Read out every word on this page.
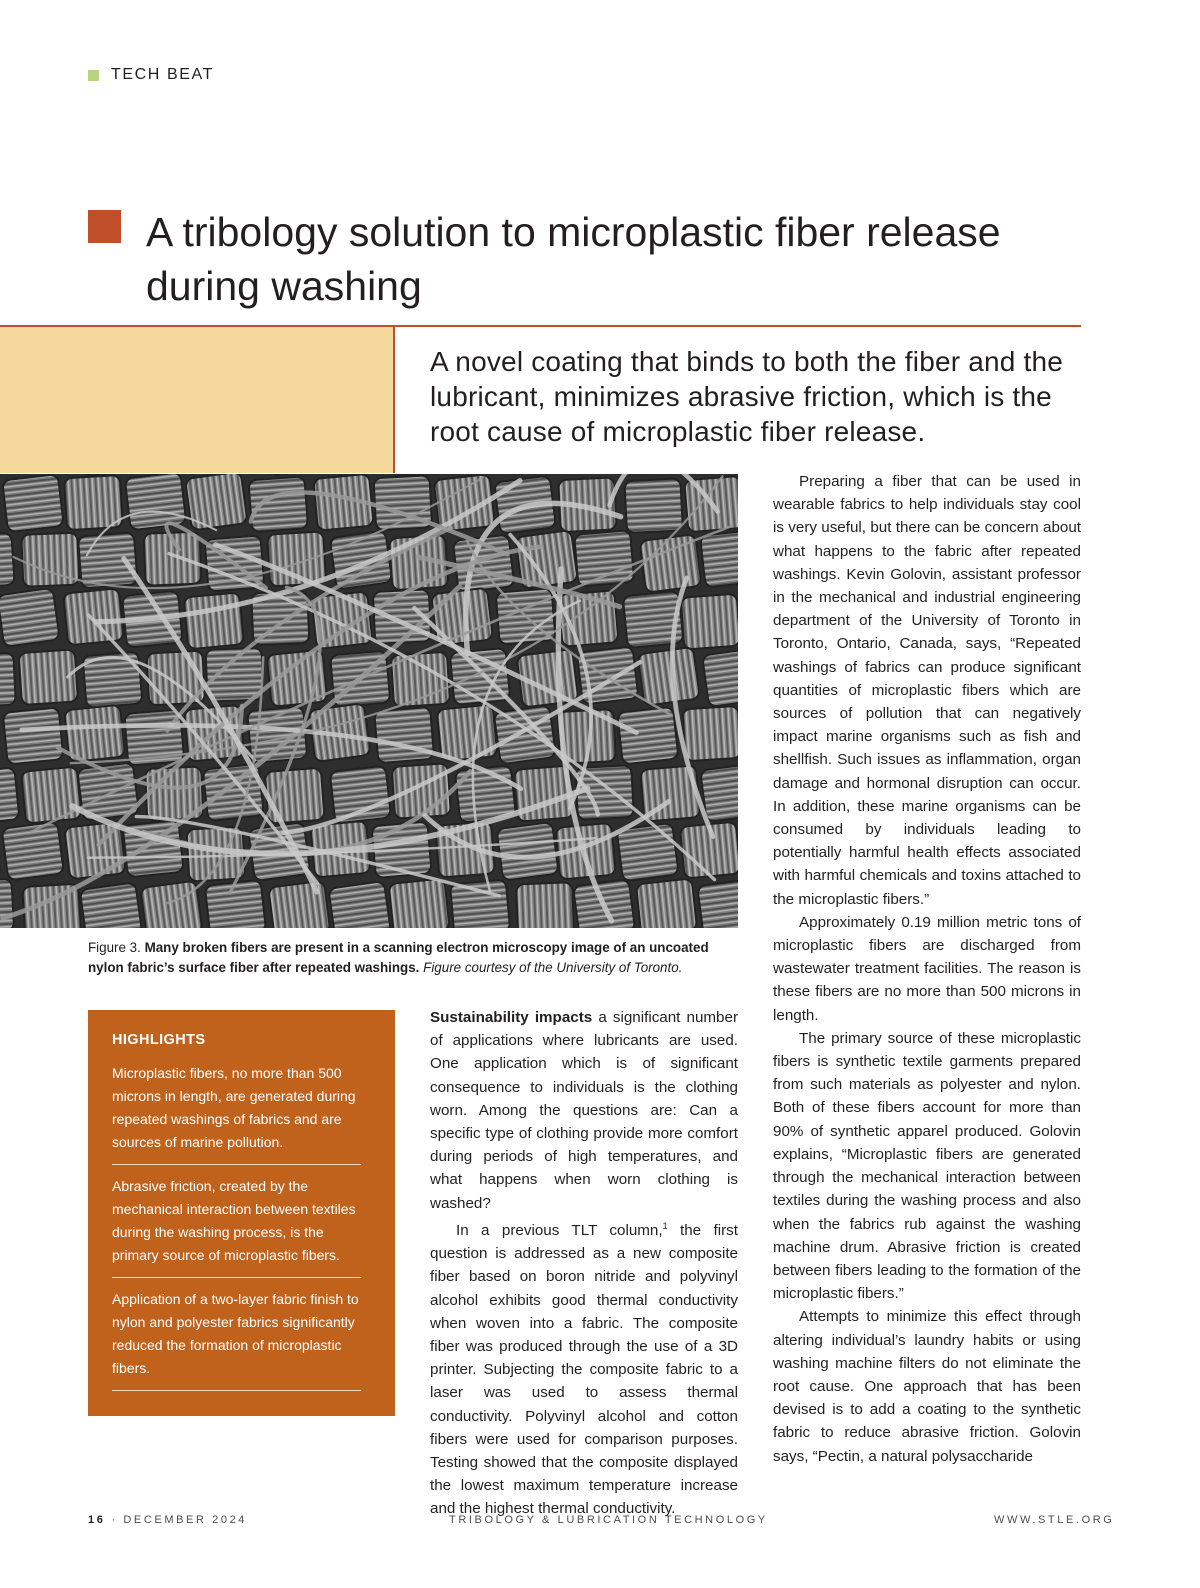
TECH BEAT
A tribology solution to microplastic fiber release during washing
A novel coating that binds to both the fiber and the lubricant, minimizes abrasive friction, which is the root cause of microplastic fiber release.
Figure 3. Many broken fibers are present in a scanning electron microscopy image of an uncoated nylon fabric’s surface fiber after repeated washings. Figure courtesy of the University of Toronto.
HIGHLIGHTS
Microplastic fibers, no more than 500 microns in length, are generated during repeated washings of fabrics and are sources of marine pollution.
Abrasive friction, created by the mechanical interaction between textiles during the washing process, is the primary source of microplastic fibers.
Application of a two-layer fabric finish to nylon and polyester fabrics significantly reduced the formation of microplastic fibers.

Sustainability impacts a significant number of applications where lubricants are used. One application which is of significant consequence to individuals is the clothing worn. Among the questions are: Can a specific type of clothing provide more comfort during periods of high temperatures, and what happens when worn clothing is washed?

In a previous TLT column,$^1$ the first question is addressed as a new composite fiber based on boron nitride and polyvinyl alcohol exhibits good thermal conductivity when woven into a fabric. The composite fiber was produced through the use of a 3D printer. Subjecting the composite fabric to a laser was used to assess thermal conductivity. Polyvinyl alcohol and cotton fibers were used for comparison purposes. Testing showed that the composite displayed the lowest maximum temperature increase and the highest thermal conductivity.

Preparing a fiber that can be used in wearable fabrics to help individuals stay cool is very useful, but there can be concern about what happens to the fabric after repeated washings. Kevin Golovin, assistant professor in the mechanical and industrial engineering department of the University of Toronto in Toronto, Ontario, Canada, says, “Repeated washings of fabrics can produce significant quantities of microplastic fibers which are sources of pollution that can negatively impact marine organisms such as fish and shellfish. Such issues as inflammation, organ damage and hormonal disruption can occur. In addition, these marine organisms can be consumed by individuals leading to potentially harmful health effects associated with harmful chemicals and toxins attached to the microplastic fibers.”

Approximately 0.19 million metric tons of microplastic fibers are discharged from wastewater treatment facilities. The reason is these fibers are no more than 500 microns in length.

The primary source of these microplastic fibers is synthetic textile garments prepared from such materials as polyester and nylon. Both of these fibers account for more than 90% of synthetic apparel produced. Golovin explains, “Microplastic fibers are generated through the mechanical interaction between textiles during the washing process and also when the fabrics rub against the washing machine drum. Abrasive friction is created between fibers leading to the formation of the microplastic fibers.”

Attempts to minimize this effect through altering individual’s laundry habits or using washing machine filters do not eliminate the root cause. One approach that has been devised is to add a coating to the synthetic fabric to reduce abrasive friction. Golovin says, “Pectin, a natural polysaccharide

16 · DECEMBER 2024	TRIBOLOGY & LUBRICATION TECHNOLOGY	WWW.STLE.ORG
